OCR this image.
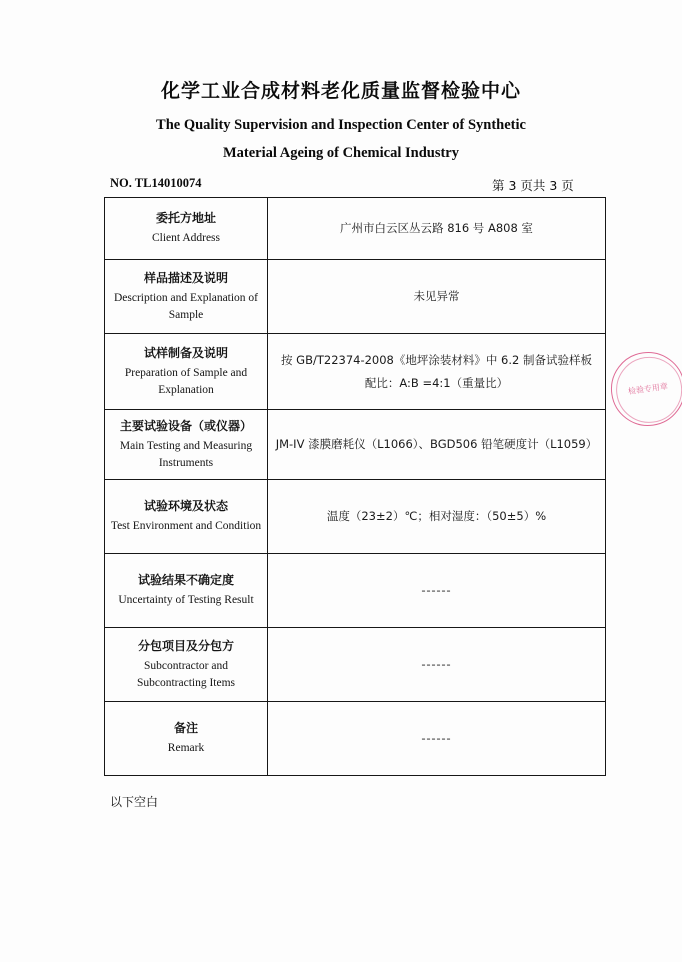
化学工业合成材料老化质量监督检验中心
The Quality Supervision and Inspection Center of Synthetic
Material Ageing of Chemical Industry
NO. TL14010074	第 3 页共 3 页
委托方地址
Client Address	广州市白云区丛云路 816 号 A808 室

样品描述及说明
Description and Explanation of Sample	未见异常

试样制备及说明
Preparation of Sample and Explanation	按 GB/T22374-2008《地坪涂装材料》中 6.2 制备试验样板
配比：A:B =4:1（重量比）

主要试验设备（或仪器）
Main Testing and Measuring Instruments	JM-IV 漆膜磨耗仪（L1066）、BGD506 铅笔硬度计（L1059）

试验环境及状态
Test Environment and Condition	温度（23±2）℃；相对湿度：（50±5）%

试验结果不确定度
Uncertainty of Testing Result	------

分包项目及分包方
Subcontractor and Subcontracting Items	------

备注
Remark	------
以下空白
检验专用章
